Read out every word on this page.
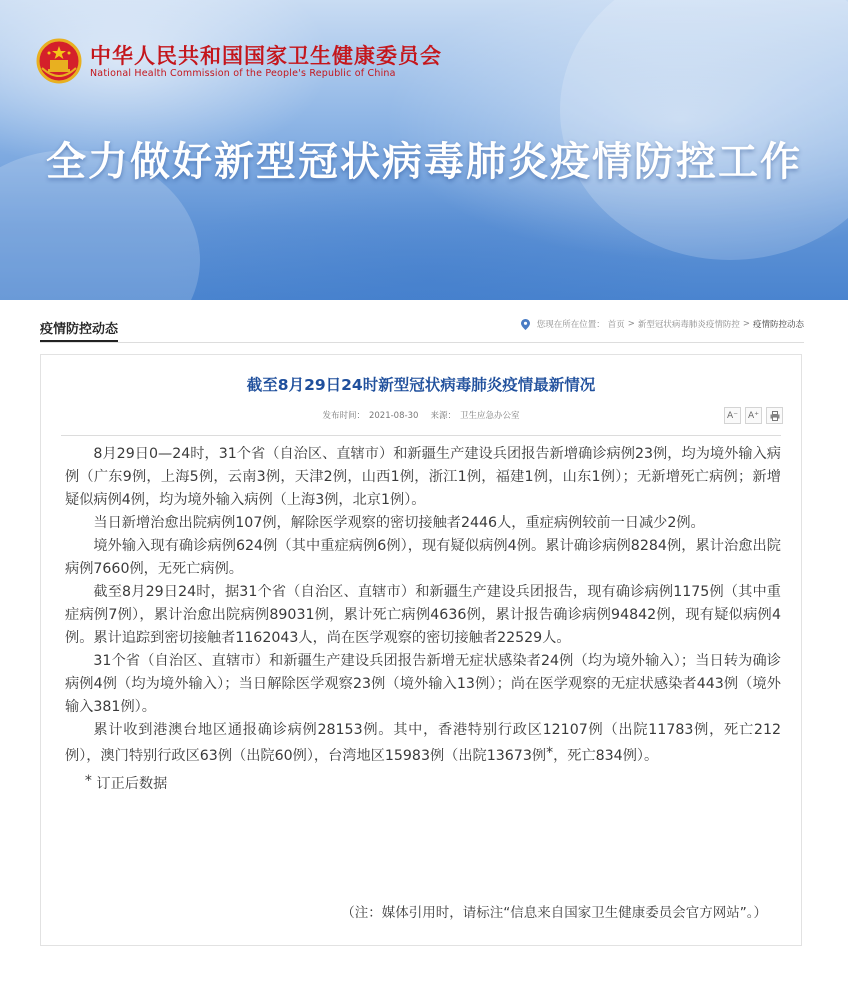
中华人民共和国国家卫生健康委员会
National Health Commission of the People's Republic of China
全力做好新型冠状病毒肺炎疫情防控工作
疫情防控动态	您现在所在位置： 首页 > 新型冠状病毒肺炎疫情防控 > 疫情防控动态
截至8月29日24时新型冠状病毒肺炎疫情最新情况
发布时间： 2021-08-30 来源： 卫生应急办公室	A⁻	A⁺

8月29日0—24时，31个省（自治区、直辖市）和新疆生产建设兵团报告新增确诊病例23例，均为境外输入病例（广东9例，上海5例，云南3例，天津2例，山西1例，浙江1例，福建1例，山东1例）；无新增死亡病例；新增疑似病例4例，均为境外输入病例（上海3例，北京1例）。

当日新增治愈出院病例107例，解除医学观察的密切接触者2446人，重症病例较前一日减少2例。

境外输入现有确诊病例624例（其中重症病例6例），现有疑似病例4例。累计确诊病例8284例，累计治愈出院病例7660例，无死亡病例。

截至8月29日24时，据31个省（自治区、直辖市）和新疆生产建设兵团报告，现有确诊病例1175例（其中重症病例7例），累计治愈出院病例89031例，累计死亡病例4636例，累计报告确诊病例94842例，现有疑似病例4例。累计追踪到密切接触者1162043人，尚在医学观察的密切接触者22529人。

31个省（自治区、直辖市）和新疆生产建设兵团报告新增无症状感染者24例（均为境外输入）；当日转为确诊病例4例（均为境外输入）；当日解除医学观察23例（境外输入13例）；尚在医学观察的无症状感染者443例（境外输入381例）。

累计收到港澳台地区通报确诊病例28153例。其中，香港特别行政区12107例（出院11783例，死亡212例），澳门特别行政区63例（出院60例），台湾地区15983例（出院13673例*，死亡834例）。

* 订正后数据

（注：媒体引用时，请标注“信息来自国家卫生健康委员会官方网站”。）
